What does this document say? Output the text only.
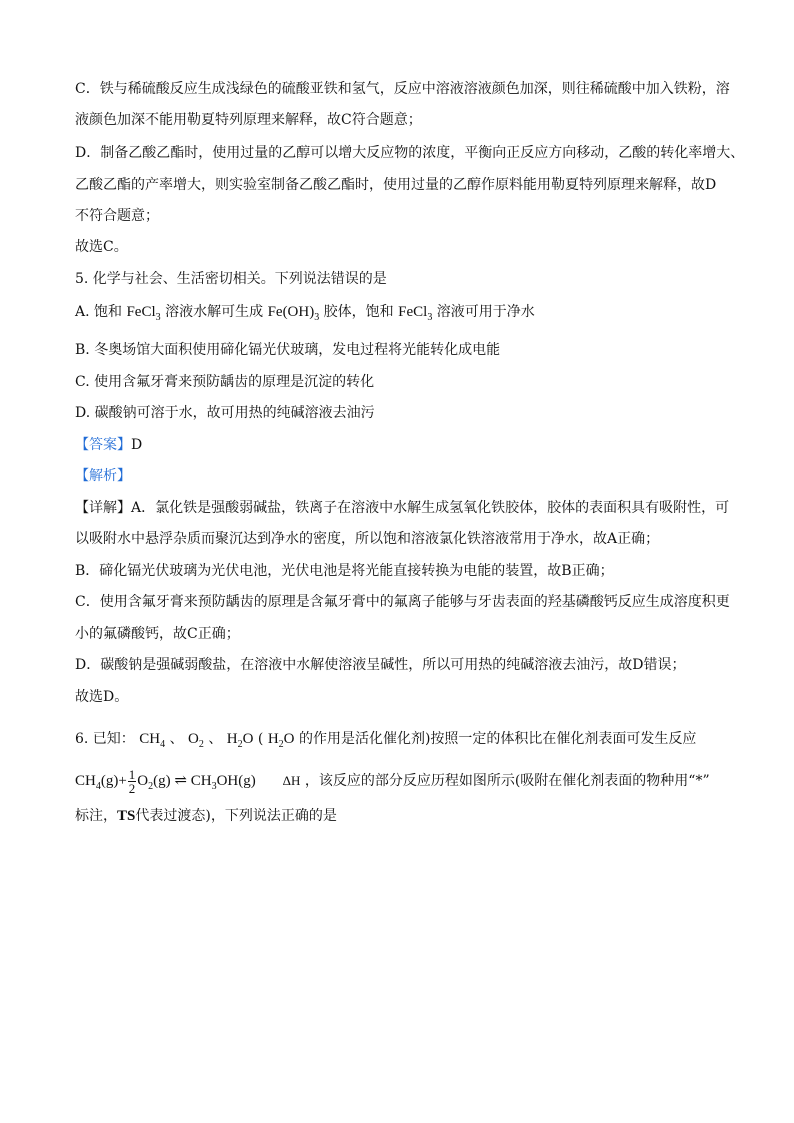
C．铁与稀硫酸反应生成浅绿色的硫酸亚铁和氢气，反应中溶液溶液颜色加深，则往稀硫酸中加入铁粉，溶
液颜色加深不能用勒夏特列原理来解释，故C符合题意；
D．制备乙酸乙酯时，使用过量的乙醇可以增大反应物的浓度，平衡向正反应方向移动，乙酸的转化率增大、
乙酸乙酯的产率增大，则实验室制备乙酸乙酯时，使用过量的乙醇作原料能用勒夏特列原理来解释，故D
不符合题意；
故选C。
5. 化学与社会、生活密切相关。下列说法错误的是
A. 饱和 FeCl$_3$ 溶液水解可生成 $Fe(OH)_3$ 胶体，饱和 FeCl$_3$ 溶液可用于净水
B. 冬奥场馆大面积使用碲化镉光伏玻璃，发电过程将光能转化成电能
C. 使用含氟牙膏来预防龋齿的原理是沉淀的转化
D. 碳酸钠可溶于水，故可用热的纯碱溶液去油污
【答案】D
【解析】
【详解】A．氯化铁是强酸弱碱盐，铁离子在溶液中水解生成氢氧化铁胶体，胶体的表面积具有吸附性，可
以吸附水中悬浮杂质而聚沉达到净水的密度，所以饱和溶液氯化铁溶液常用于净水，故A正确；
B．碲化镉光伏玻璃为光伏电池，光伏电池是将光能直接转换为电能的装置，故B正确；
C．使用含氟牙膏来预防龋齿的原理是含氟牙膏中的氟离子能够与牙齿表面的羟基磷酸钙反应生成溶度积更
小的氟磷酸钙，故C正确；
D．碳酸钠是强碱弱酸盐，在溶液中水解使溶液呈碱性，所以可用热的纯碱溶液去油污，故D错误；
故选D。
6. 已知： $CH_4$ 、 $O_2$ 、 $H_2O$ ( $H_2O$ 的作用是活化催化剂)按照一定的体积比在催化剂表面可发生反应
$CH_4(g)+ \frac{1}{2} O_2(g)$ ⇌ $CH_3OH(g)$ ΔH ，该反应的部分反应历程如图所示(吸附在催化剂表面的物种用“*”
标注，TS代表过渡态)，下列说法正确的是
